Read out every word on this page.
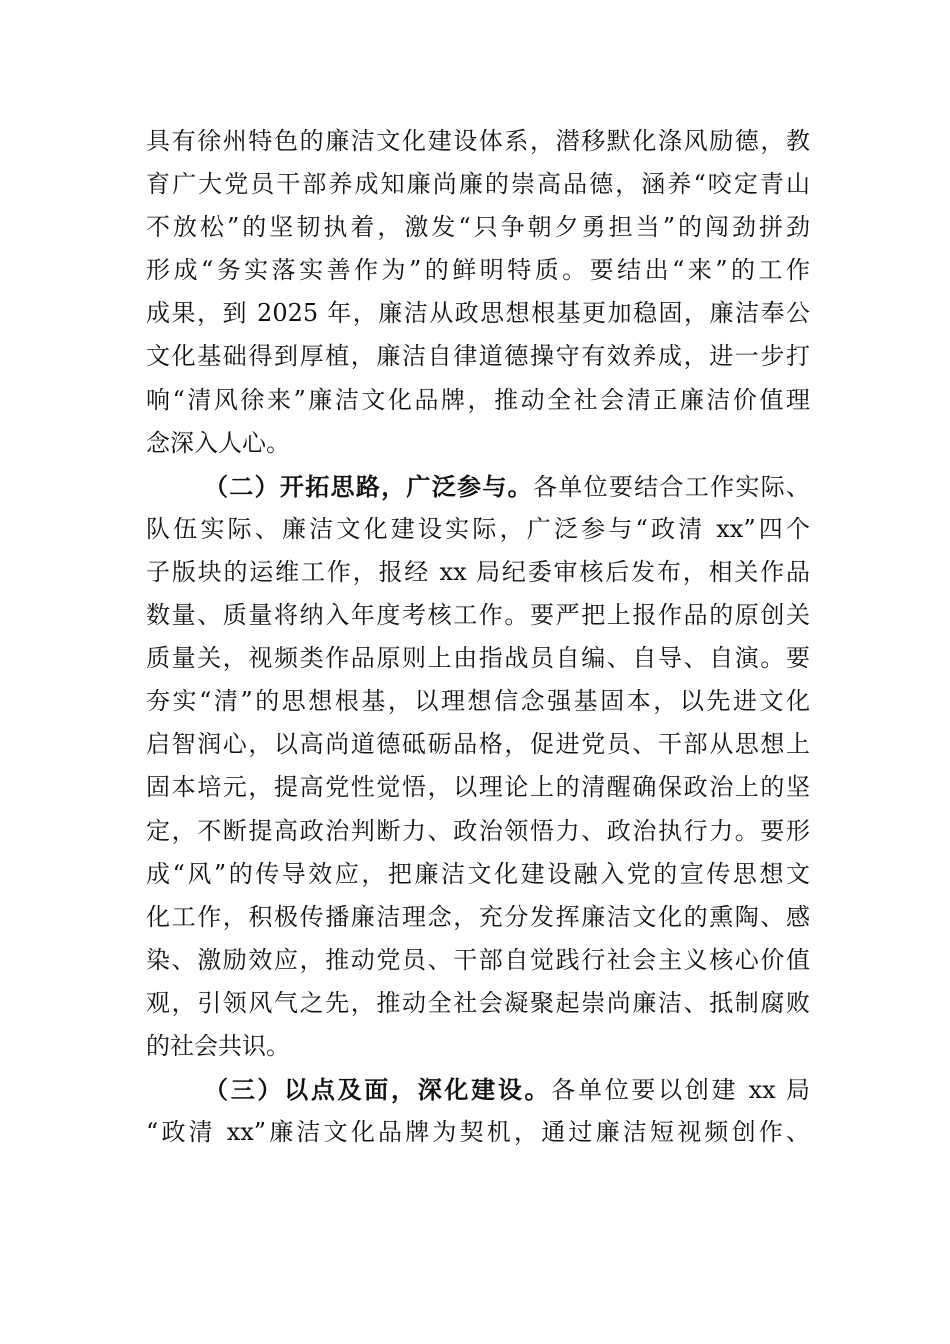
具有徐州特色的廉洁文化建设体系，潜移默化涤风励德，教
育广大党员干部养成知廉尚廉的崇高品德，涵养“咬定青山
不放松”的坚韧执着，激发“只争朝夕勇担当”的闯劲拼劲
形成“务实落实善作为”的鲜明特质。要结出“来”的工作
成果，到 2025 年，廉洁从政思想根基更加稳固，廉洁奉公
文化基础得到厚植，廉洁自律道德操守有效养成，进一步打
响“清风徐来”廉洁文化品牌，推动全社会清正廉洁价值理
念深入人心。
（二）开拓思路，广泛参与。各单位要结合工作实际、
队伍实际、廉洁文化建设实际，广泛参与“政清 xx”四个
子版块的运维工作，报经 xx 局纪委审核后发布，相关作品
数量、质量将纳入年度考核工作。要严把上报作品的原创关
质量关，视频类作品原则上由指战员自编、自导、自演。要
夯实“清”的思想根基，以理想信念强基固本，以先进文化
启智润心，以高尚道德砥砺品格，促进党员、干部从思想上
固本培元，提高党性觉悟，以理论上的清醒确保政治上的坚
定，不断提高政治判断力、政治领悟力、政治执行力。要形
成“风”的传导效应，把廉洁文化建设融入党的宣传思想文
化工作，积极传播廉洁理念，充分发挥廉洁文化的熏陶、感
染、激励效应，推动党员、干部自觉践行社会主义核心价值
观，引领风气之先，推动全社会凝聚起崇尚廉洁、抵制腐败
的社会共识。
（三）以点及面，深化建设。各单位要以创建 xx 局
“政清 xx”廉洁文化品牌为契机，通过廉洁短视频创作、
